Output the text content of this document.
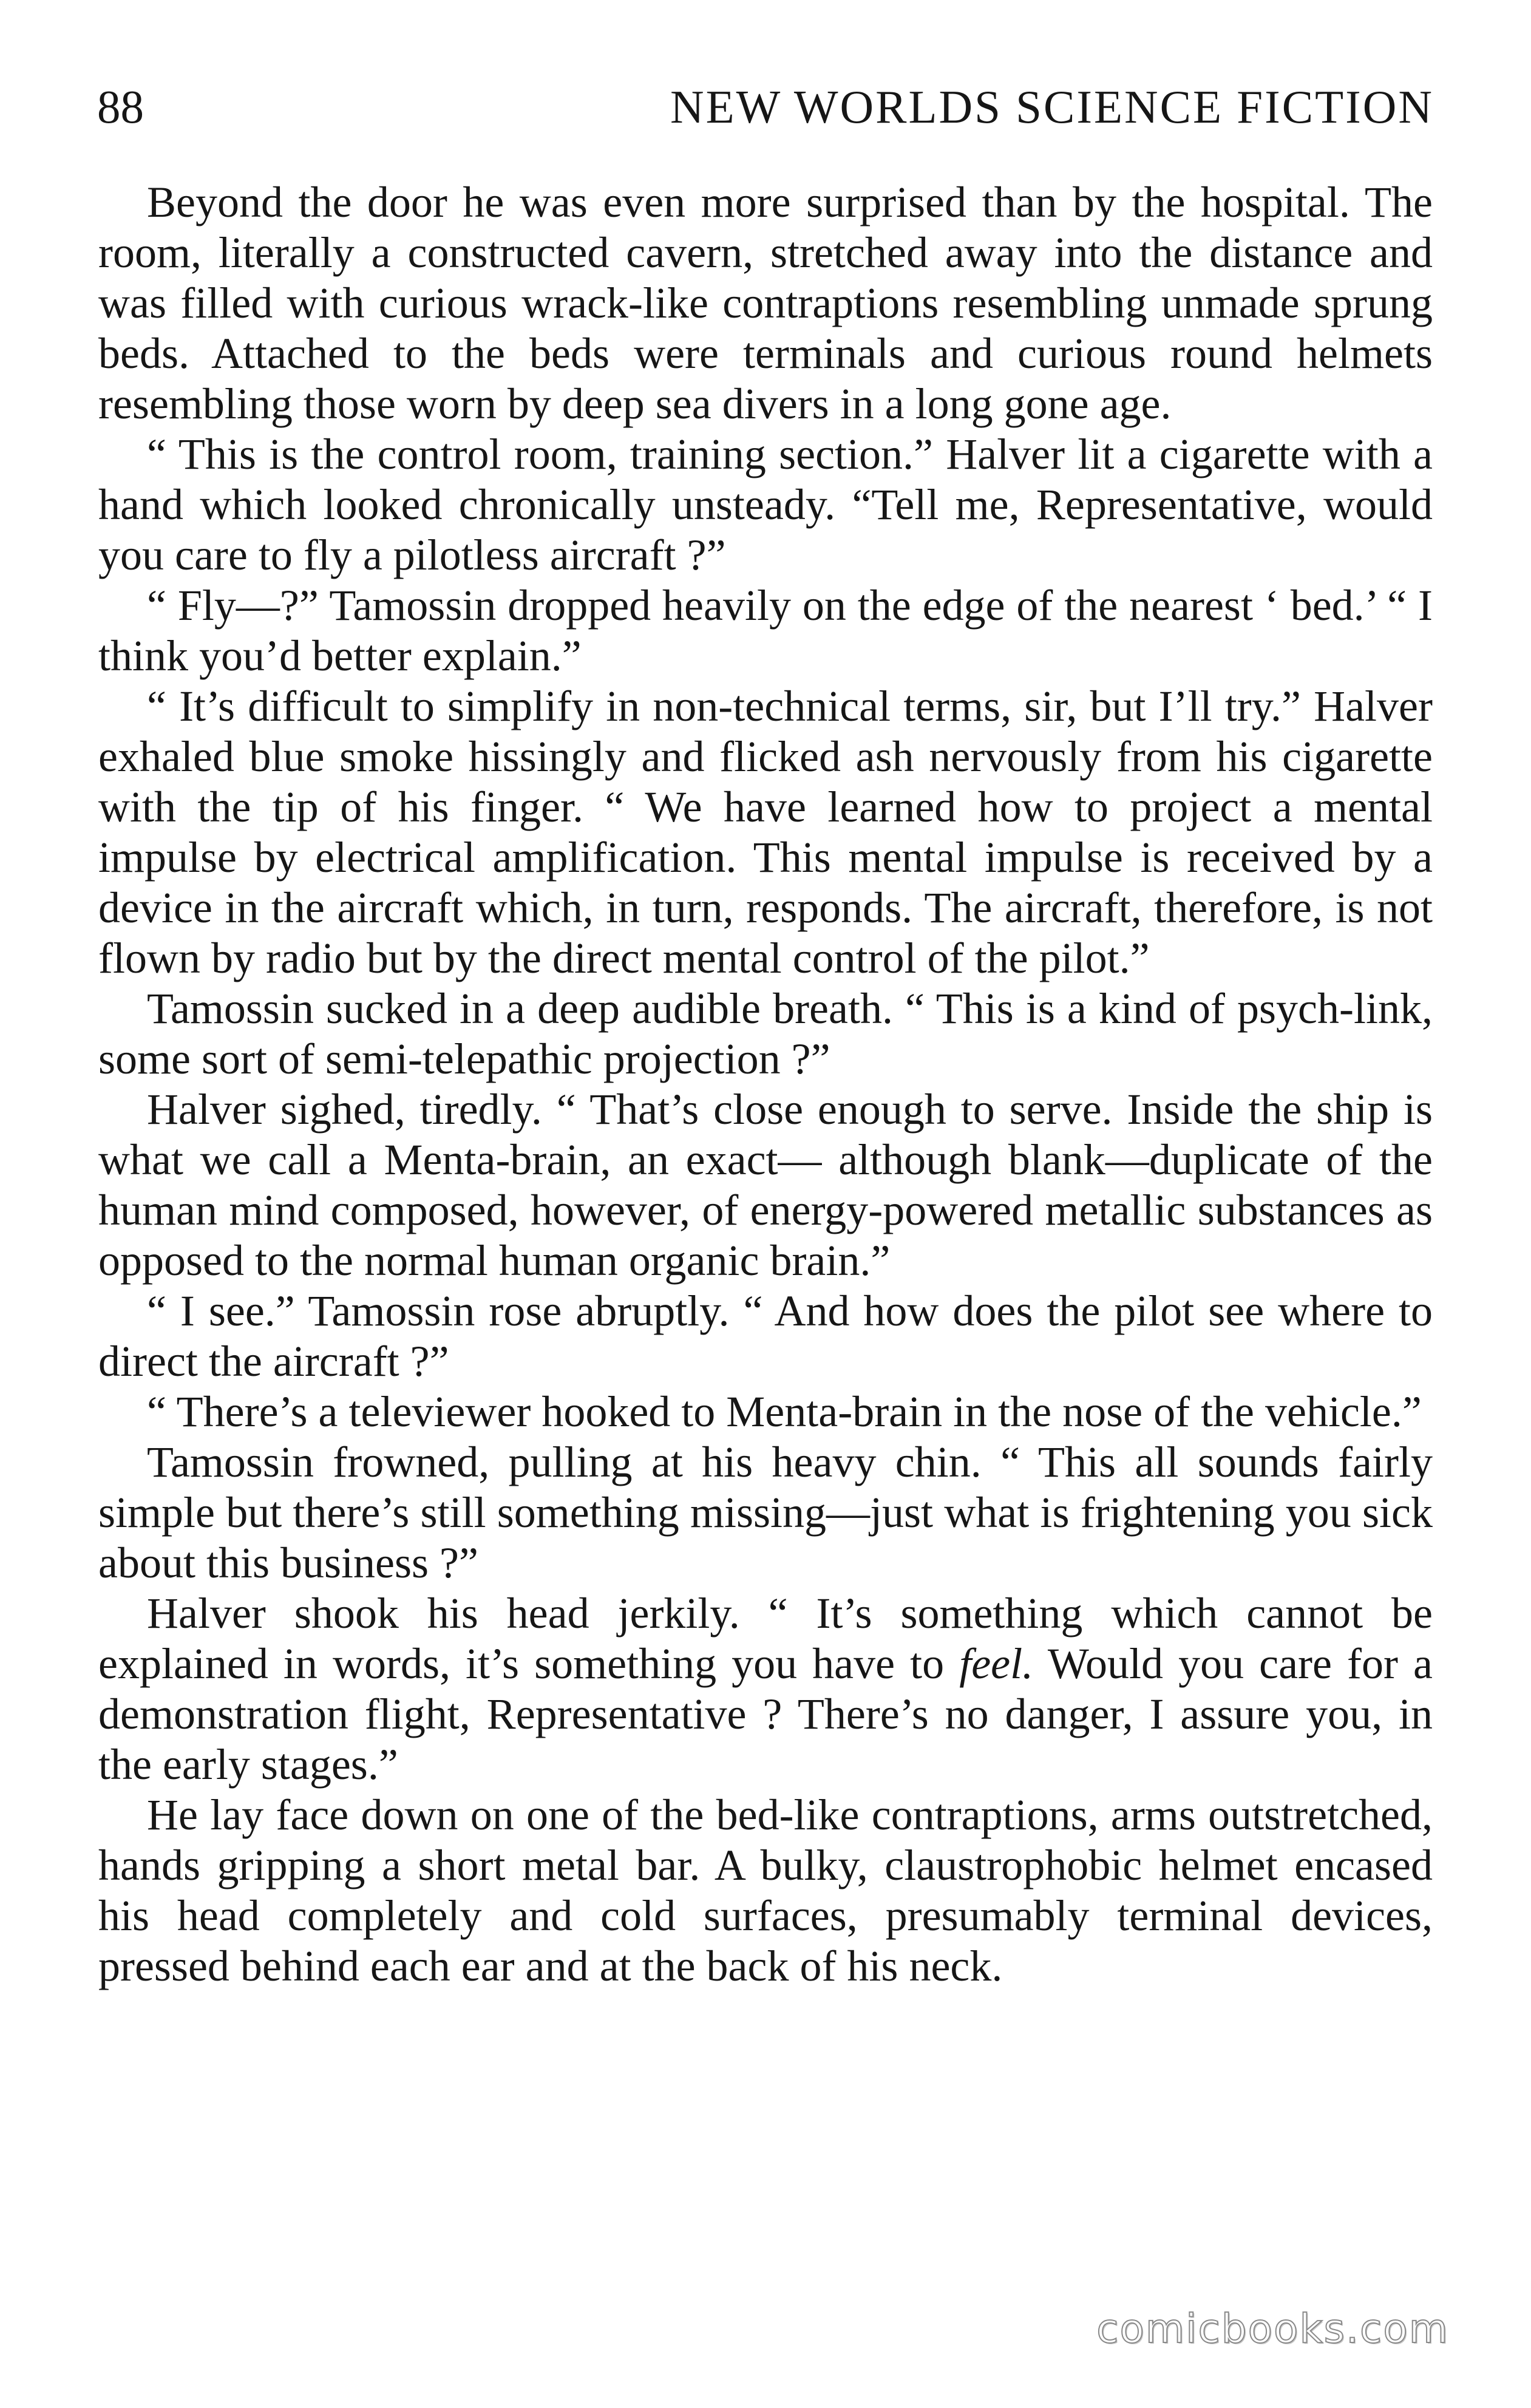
88	NEW WORLDS SCIENCE FICTION

Beyond the door he was even more surprised than by the hospital. The room, literally a constructed cavern, stretched away into the distance and was filled with curious wrack-like contraptions resembling unmade sprung beds. Attached to the beds were terminals and curious round helmets resembling those worn by deep sea divers in a long gone age.

“ This is the control room, training section.” Halver lit a cigarette with a hand which looked chronically unsteady. “Tell me, Representative, would you care to fly a pilotless aircraft ?”

“ Fly—?” Tamossin dropped heavily on the edge of the nearest ‘ bed.’ “ I think you’d better explain.”

“ It’s difficult to simplify in non-technical terms, sir, but I’ll try.” Halver exhaled blue smoke hissingly and flicked ash nervously from his cigarette with the tip of his finger. “ We have learned how to project a mental impulse by electrical amplification. This mental impulse is received by a device in the aircraft which, in turn, responds. The aircraft, therefore, is not flown by radio but by the direct mental control of the pilot.”

Tamossin sucked in a deep audible breath. “ This is a kind of psych-link, some sort of semi-telepathic projection ?”

Halver sighed, tiredly. “ That’s close enough to serve. Inside the ship is what we call a Menta-brain, an exact— although blank—duplicate of the human mind composed, however, of energy-powered metallic substances as opposed to the normal human organic brain.”

“ I see.” Tamossin rose abruptly. “ And how does the pilot see where to direct the aircraft ?”

“ There’s a televiewer hooked to Menta-brain in the nose of the vehicle.”

Tamossin frowned, pulling at his heavy chin. “ This all sounds fairly simple but there’s still something missing—just what is frightening you sick about this business ?”

Halver shook his head jerkily. “ It’s something which cannot be explained in words, it’s something you have to feel. Would you care for a demonstration flight, Representative ? There’s no danger, I assure you, in the early stages.”

He lay face down on one of the bed-like contraptions, arms outstretched, hands gripping a short metal bar. A bulky, claustrophobic helmet encased his head completely and cold surfaces, presumably terminal devices, pressed behind each ear and at the back of his neck.

comicbooks.com
